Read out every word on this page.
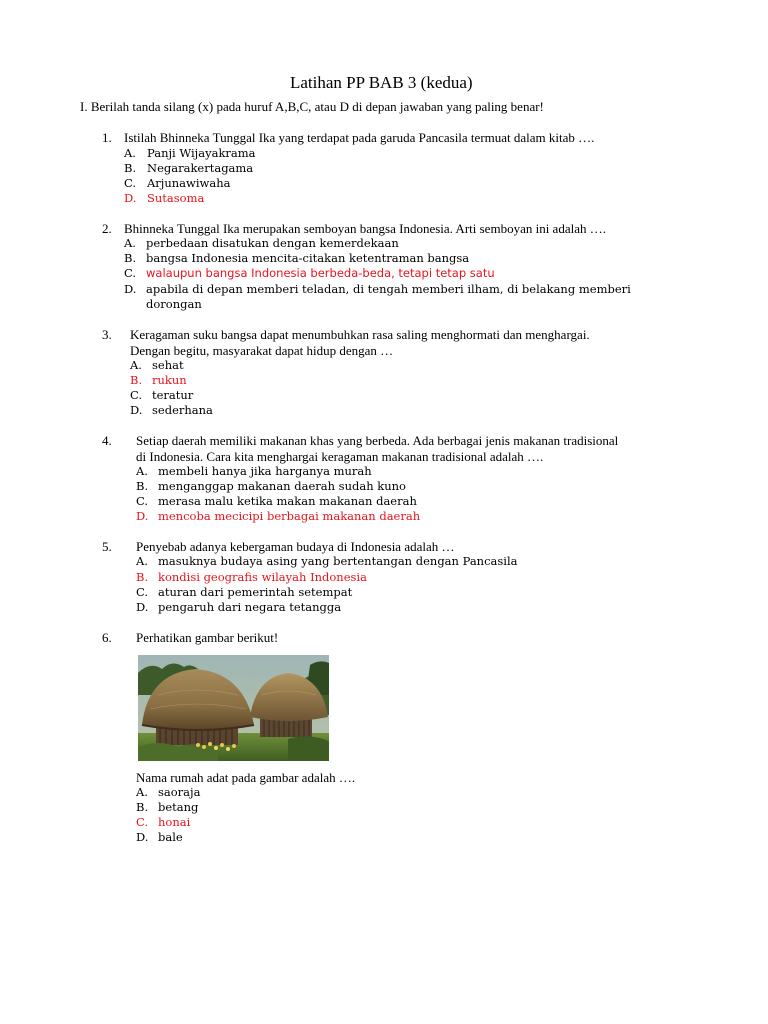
Latihan PP BAB 3 (kedua)
I. Berilah tanda silang (x) pada huruf A,B,C, atau D di depan jawaban yang paling benar!
1. Istilah Bhinneka Tunggal Ika yang terdapat pada garuda Pancasila termuat dalam kitab ….
A. Panji Wijayakrama
B. Negarakertagama
C. Arjunawiwaha
D. Sutasoma
2. Bhinneka Tunggal Ika merupakan semboyan bangsa Indonesia. Arti semboyan ini adalah ….
A. perbedaan disatukan dengan kemerdekaan
B. bangsa Indonesia mencita-citakan ketentraman bangsa
C. walaupun bangsa Indonesia berbeda-beda, tetapi tetap satu
D. apabila di depan memberi teladan, di tengah memberi ilham, di belakang memberi
dorongan
3. Keragaman suku bangsa dapat menumbuhkan rasa saling menghormati dan menghargai.
Dengan begitu, masyarakat dapat hidup dengan …
A. sehat
B. rukun
C. teratur
D. sederhana
4. Setiap daerah memiliki makanan khas yang berbeda. Ada berbagai jenis makanan tradisional
di Indonesia. Cara kita menghargai keragaman makanan tradisional adalah ….
A. membeli hanya jika harganya murah
B. menganggap makanan daerah sudah kuno
C. merasa malu ketika makan makanan daerah
D. mencoba mecicipi berbagai makanan daerah
5. Penyebab adanya kebergaman budaya di Indonesia adalah …
A. masuknya budaya asing yang bertentangan dengan Pancasila
B. kondisi geografis wilayah Indonesia
C. aturan dari pemerintah setempat
D. pengaruh dari negara tetangga
6. Perhatikan gambar berikut!
Nama rumah adat pada gambar adalah ….
A. saoraja
B. betang
C. honai
D. bale
